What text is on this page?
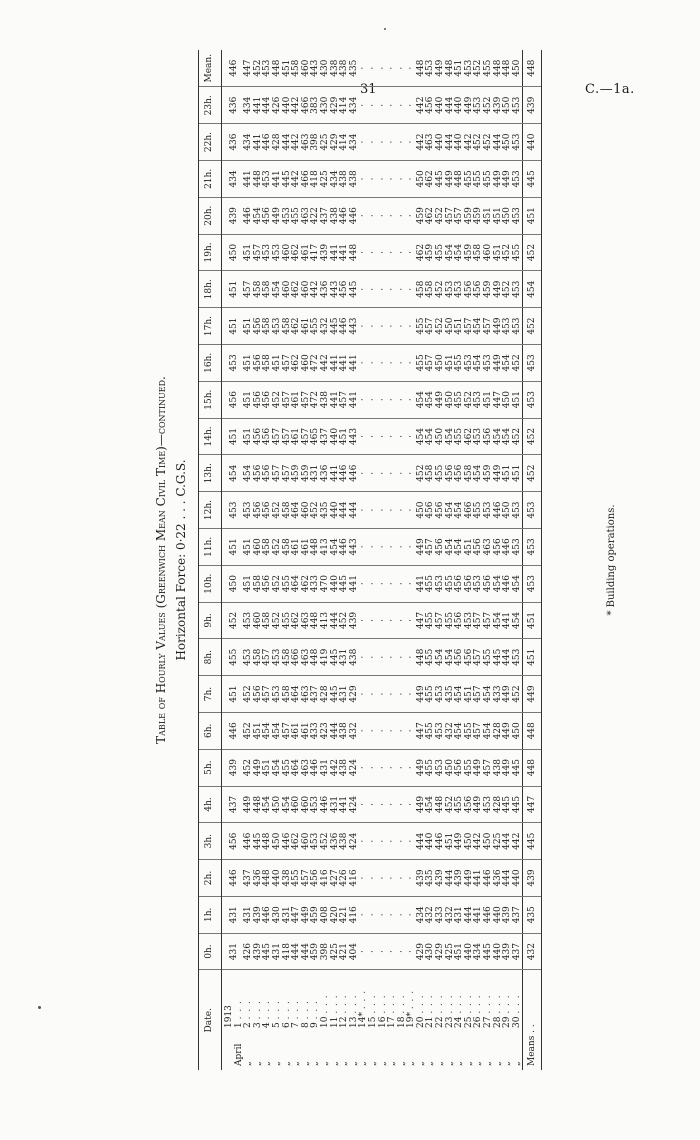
31	C.—1a.
Table of Hourly Values (Greenwich Mean Civil Time)—continued. Horizontal Force: 0·22 . . . C.G.S.
Date.	0h.	1h.	2h.	3h.	4h.	5h.	6h.	7h.	8h.	9h.	10h.	11h.	12h.	13h.	14h.	15h.	16h.	17h.	18h.	19h.	20h.	21h.	22h.	23h.	Mean.

1913
April1 . . .	431	431	446	456	437	439	446	451	455	452	450	451	453	454	451	456	453	451	451	450	439	434	436	436	446
„2 . . .	426	431	437	446	449	452	452	452	453	453	451	451	453	454	451	451	451	451	457	451	446	441	434	434	447
„3 . . .	439	439	436	445	448	449	451	456	458	460	458	460	456	456	456	456	456	456	458	457	454	448	441	441	452
„4 . . .	445	446	448	448	454	451	454	457	457	458	456	458	456	456	456	456	458	458	458	453	456	453	446	444	453
„5 . . .	431	430	440	450	450	454	454	453	453	452	452	452	452	457	457	452	451	453	454	453	449	441	428	426	448
„6 . . .	418	431	438	446	454	455	457	458	458	455	455	458	458	457	457	457	457	458	460	460	453	445	444	440	451
„7 . . .	444	447	455	462	460	464	461	464	466	462	464	461	464	459	461	461	462	462	462	462	455	442	442	442	458
„8 . . .	444	449	457	460	460	463	461	463	463	463	462	461	460	459	457	457	460	461	460	461	463	466	463	466	460
„9 . . .	459	459	456	453	453	446	433	437	448	448	433	448	452	431	465	472	472	455	442	417	422	418	398	383	443
„10 . . .	398	408	416	452	446	431	423	428	419	413	470	413	435	436	437	438	442	432	436	439	437	425	425	430	430
„11 . . .	425	420	427	436	431	442	444	445	445	444	440	454	440	441	440	441	441	445	443	441	438	434	429	429	438
„12 . . .	421	421	426	438	441	438	438	431	431	452	445	446	444	446	451	457	441	446	456	441	446	438	414	414	438
„13 . . .	404	416	416	424	424	424	432	429	438	439	441	443	444	446	443	441	441	443	445	448	446	438	434	434	435
„14* . . .	·	·	·	·	·	·	·	·	·	·	·	·	·	·	·	·	·	·	·	·	·	·	·	·	·
„15 . . .	·	·	·	·	·	·	·	·	·	·	·	·	·	·	·	·	·	·	·	·	·	·	·	·	·
„16 . . .	·	·	·	·	·	·	·	·	·	·	·	·	·	·	·	·	·	·	·	·	·	·	·	·	·
„17 . . .	·	·	·	·	·	·	·	·	·	·	·	·	·	·	·	·	·	·	·	·	·	·	·	·	·
„18 . . .	·	·	·	·	·	·	·	·	·	·	·	·	·	·	·	·	·	·	·	·	·	·	·	·	·
„19* . . .	·	·	·	·	·	·	·	·	·	·	·	·	·	·	·	·	·	·	·	·	·	·	·	·	·
„20 . . .	429	434	439	444	449	449	447	449	448	447	441	449	450	452	454	454	455	455	458	462	459	450	442	442	448
„21 . . .	430	432	435	440	454	455	455	455	455	455	455	457	456	458	454	454	457	457	458	459	462	462	463	456	453
„22 . . .	429	433	439	446	448	453	453	453	454	457	453	456	456	455	450	449	450	452	452	455	452	445	440	440	449
„23 . . .	425	432	444	451	452	450	432	435	454	455	455	454	454	456	454	450	451	450	453	454	457	449	444	444	448
„24 . . .	451	431	439	449	455	456	454	454	456	456	456	454	454	456	455	455	455	451	453	454	457	448	440	440	451
„25 . . .	440	444	449	450	456	455	455	451	456	453	456	451	466	458	462	452	453	457	456	459	459	455	442	449	453
„26 . . .	434	441	441	442	449	449	457	457	457	457	453	456	455	454	453	453	454	454	456	458	459	455	452	453	452
„27 . . .	445	446	446	450	453	457	454	454	455	457	456	463	453	459	456	451	453	457	459	460	451	455	452	452	455
„28 . . .	440	440	436	425	428	438	428	433	445	454	454	456	446	449	454	447	449	449	449	451	451	449	444	439	448
„29 . . .	439	439	444	444	445	449	449	449	444	441	446	446	450	451	454	450	454	453	452	452	450	449	450	450	448
„30 . . .	437	437	440	442	445	445	450	452	453	454	454	453	453	451	452	451	452	453	453	455	453	453	453	453	450
Means . .	432	435	439	445	447	448	448	449	451	451	453	453	453	452	452	453	453	452	454	452	451	445	440	439	448
* Building operations.
